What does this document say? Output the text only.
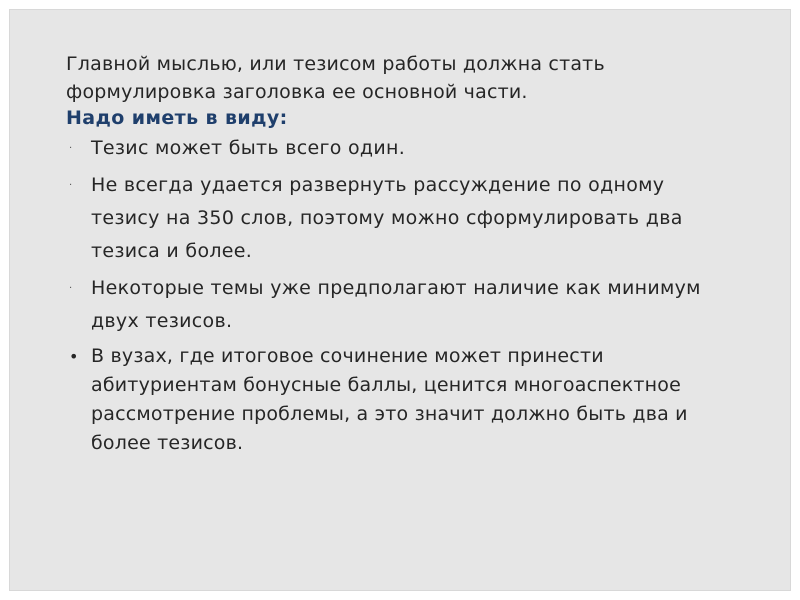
Главной мыслью, или тезисом работы должна стать формулировка заголовка ее основной части.

Надо иметь в виду:

· Тезис может быть всего один.
· Не всегда удается развернуть рассуждение по одному тезису на 350 слов, поэтому можно сформулировать два тезиса и более.
· Некоторые темы уже предполагают наличие как минимум двух тезисов.
• В вузах, где итоговое сочинение может принести абитуриентам бонусные баллы, ценится многоаспектное рассмотрение проблемы, а это значит должно быть два и более тезисов.
